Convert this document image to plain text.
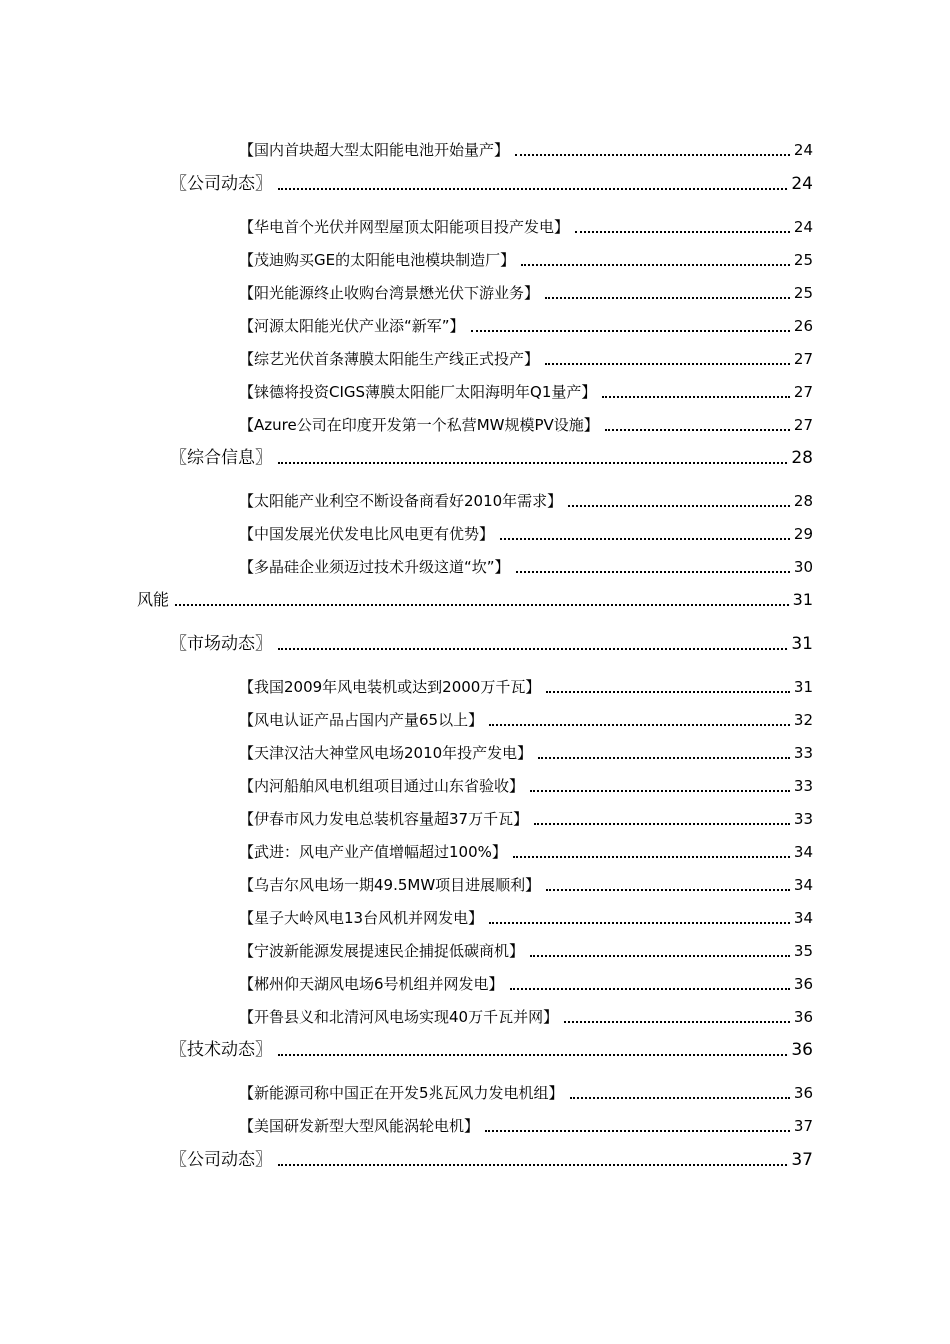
【国内首块超大型太阳能电池开始量产】	24
〖公司动态〗	24
【华电首个光伏并网型屋顶太阳能项目投产发电】	24
【茂迪购买GE的太阳能电池模块制造厂】	25
【阳光能源终止收购台湾景懋光伏下游业务】	25
【河源太阳能光伏产业添“新军”】	26
【综艺光伏首条薄膜太阳能生产线正式投产】	27
【铼德将投资CIGS薄膜太阳能厂太阳海明年Q1量产】	27
【Azure公司在印度开发第一个私营MW规模PV设施】	27
〖综合信息〗	28
【太阳能产业利空不断设备商看好2010年需求】	28
【中国发展光伏发电比风电更有优势】	29
【多晶硅企业须迈过技术升级这道“坎”】	30
风能	31
〖市场动态〗	31
【我国2009年风电装机或达到2000万千瓦】	31
【风电认证产品占国内产量65以上】	32
【天津汉沽大神堂风电场2010年投产发电】	33
【内河船舶风电机组项目通过山东省验收】	33
【伊春市风力发电总装机容量超37万千瓦】	33
【武进：风电产业产值增幅超过100%】	34
【乌吉尔风电场一期49.5MW项目进展顺利】	34
【星子大岭风电13台风机并网发电】	34
【宁波新能源发展提速民企捕捉低碳商机】	35
【郴州仰天湖风电场6号机组并网发电】	36
【开鲁县义和北清河风电场实现40万千瓦并网】	36
〖技术动态〗	36
【新能源司称中国正在开发5兆瓦风力发电机组】	36
【美国研发新型大型风能涡轮电机】	37
〖公司动态〗	37
